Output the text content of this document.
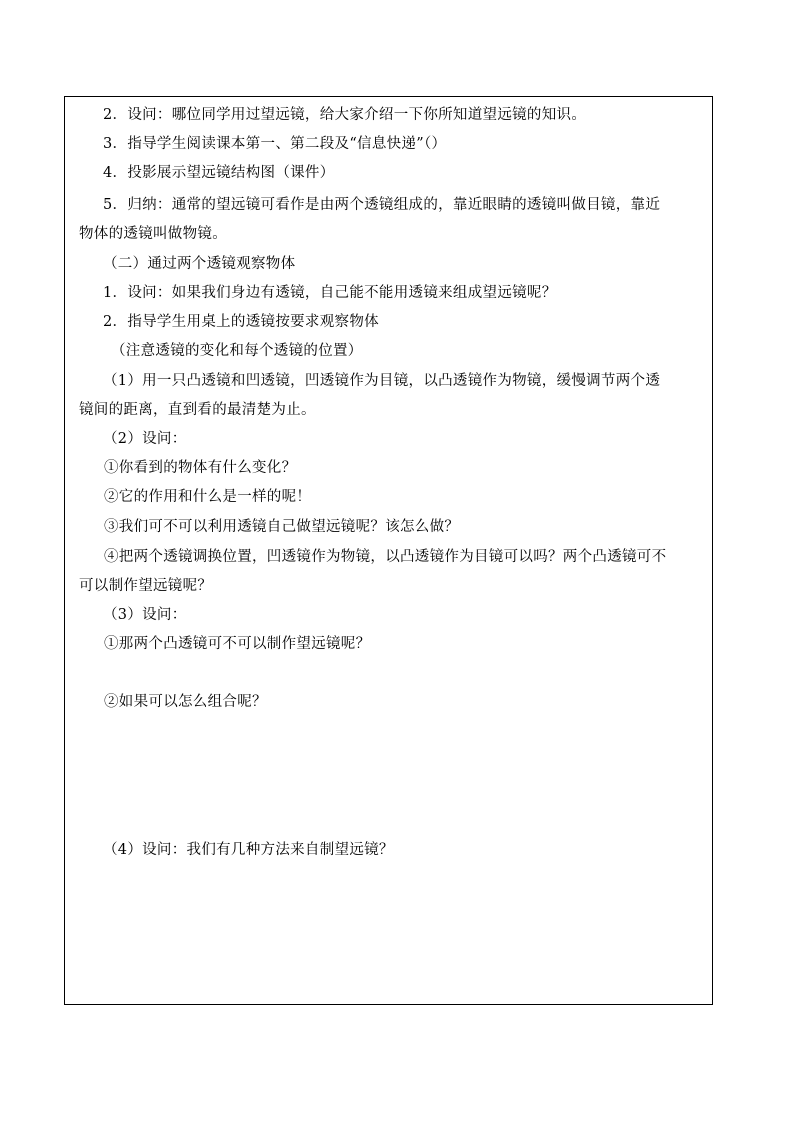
2．设问：哪位同学用过望远镜，给大家介绍一下你所知道望远镜的知识。
3．指导学生阅读课本第一、第二段及“信息快递”（）
4．投影展示望远镜结构图（课件）
5．归纳：通常的望远镜可看作是由两个透镜组成的，靠近眼睛的透镜叫做目镜，靠近
物体的透镜叫做物镜。
（二）通过两个透镜观察物体
1．设问：如果我们身边有透镜，自己能不能用透镜来组成望远镜呢？
2．指导学生用桌上的透镜按要求观察物体
（注意透镜的变化和每个透镜的位置）
（1）用一只凸透镜和凹透镜，凹透镜作为目镜，以凸透镜作为物镜，缓慢调节两个透
镜间的距离，直到看的最清楚为止。
（2）设问：
①你看到的物体有什么变化？
②它的作用和什么是一样的呢！
③我们可不可以利用透镜自己做望远镜呢？该怎么做？
④把两个透镜调换位置，凹透镜作为物镜，以凸透镜作为目镜可以吗？两个凸透镜可不
可以制作望远镜呢？
（3）设问：
①那两个凸透镜可不可以制作望远镜呢？
②如果可以怎么组合呢？
（4）设问：我们有几种方法来自制望远镜？
